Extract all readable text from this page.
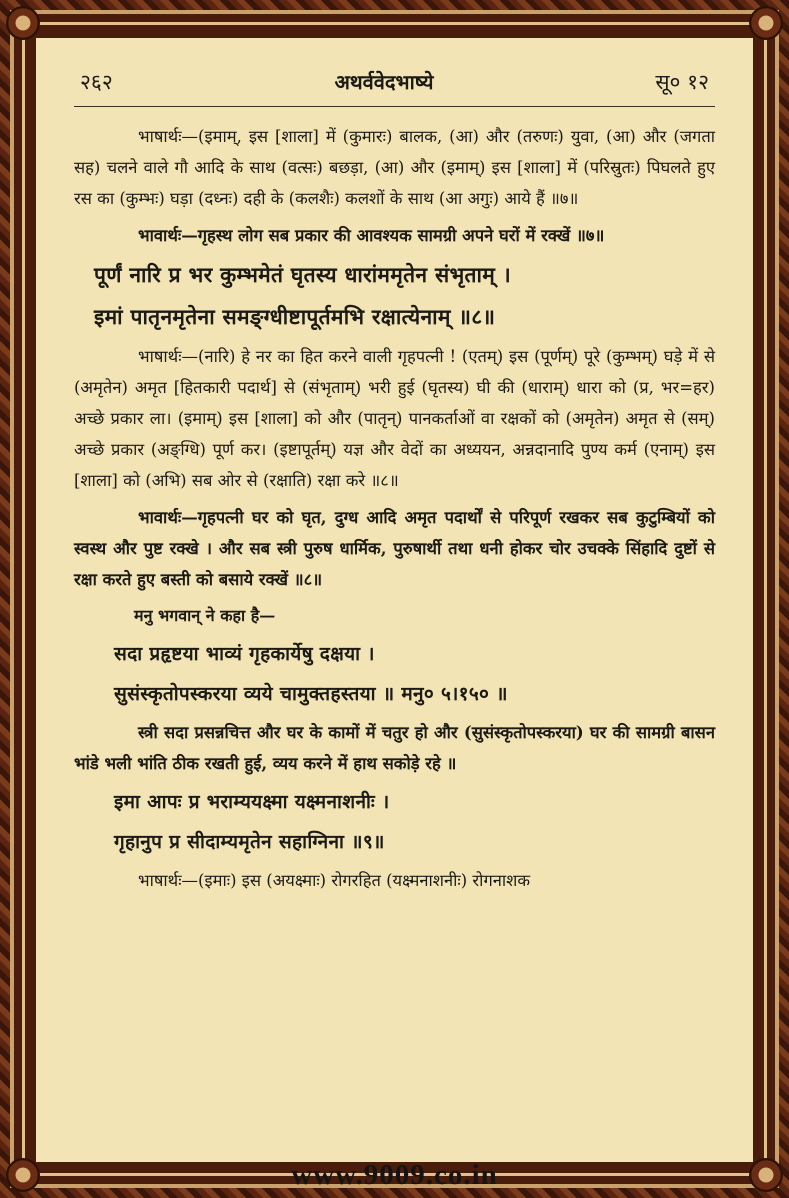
२६२	अथर्ववेदभाष्ये	सू० १२

भाषार्थः—(इमाम्, इस [शाला] में (कुमारः) बालक, (आ) और (तरुणः) युवा, (आ) और (जगता सह) चलने वाले गौ आदि के साथ (वत्सः) बछड़ा, (आ) और (इमाम्) इस [शाला] में (परिस्रुतः) पिघलते हुए रस का (कुम्भः) घड़ा (दध्नः) दही के (कलशैः) कलशों के साथ (आ अगुः) आये हैं ॥७॥

भावार्थः—गृहस्थ लोग सब प्रकार की आवश्यक सामग्री अपने घरों में रक्खें ॥७॥

पूर्णं नारि प्र भर कुम्भमेतं घृतस्य धारांममृतेन संभृताम् ।

इमां पातृनमृतेना समङ्ग्धीष्टापूर्तमभि रक्षात्येनाम् ॥८॥

भाषार्थः—(नारि) हे नर का हित करने वाली गृहपत्नी ! (एतम्) इस (पूर्णम्) पूरे (कुम्भम्) घड़े में से (अमृतेन) अमृत [हितकारी पदार्थ] से (संभृताम्) भरी हुई (घृतस्य) घी की (धाराम्) धारा को (प्र, भर=हर) अच्छे प्रकार ला। (इमाम्) इस [शाला] को और (पातृन्) पानकर्ताओं वा रक्षकों को (अमृतेन) अमृत से (सम्) अच्छे प्रकार (अङ्ग्धि) पूर्ण कर। (इष्टापूर्तम्) यज्ञ और वेदों का अध्ययन, अन्नदानादि पुण्य कर्म (एनाम्) इस [शाला] को (अभि) सब ओर से (रक्षाति) रक्षा करे ॥८॥

भावार्थः—गृहपत्नी घर को घृत, दुग्ध आदि अमृत पदार्थों से परिपूर्ण रखकर सब कुटुम्बियों को स्वस्थ और पुष्ट रक्खे । और सब स्त्री पुरुष धार्मिक, पुरुषार्थी तथा धनी होकर चोर उचक्के सिंहादि दुष्टों से रक्षा करते हुए बस्ती को बसाये रक्खें ॥८॥

मनु भगवान् ने कहा है—

सदा प्रहृष्टया भाव्यं गृहकार्येषु दक्षया ।

सुसंस्कृतोपस्करया व्यये चामुक्तहस्तया ॥ मनु० ५।१५० ॥

स्त्री सदा प्रसन्नचित्त और घर के कामों में चतुर हो और (सुसंस्कृतोपस्करया) घर की सामग्री बासन भांडे भली भांति ठीक रखती हुई, व्यय करने में हाथ सकोड़े रहे ॥

इमा आपः प्र भराम्ययक्ष्मा यक्ष्मनाशनीः ।

गृहानुप प्र सीदाम्यमृतेन सहाग्निना ॥९॥

भाषार्थः—(इमाः) इस (अयक्ष्माः) रोगरहित (यक्ष्मनाशनीः) रोगनाशक

www.9009.co.in
